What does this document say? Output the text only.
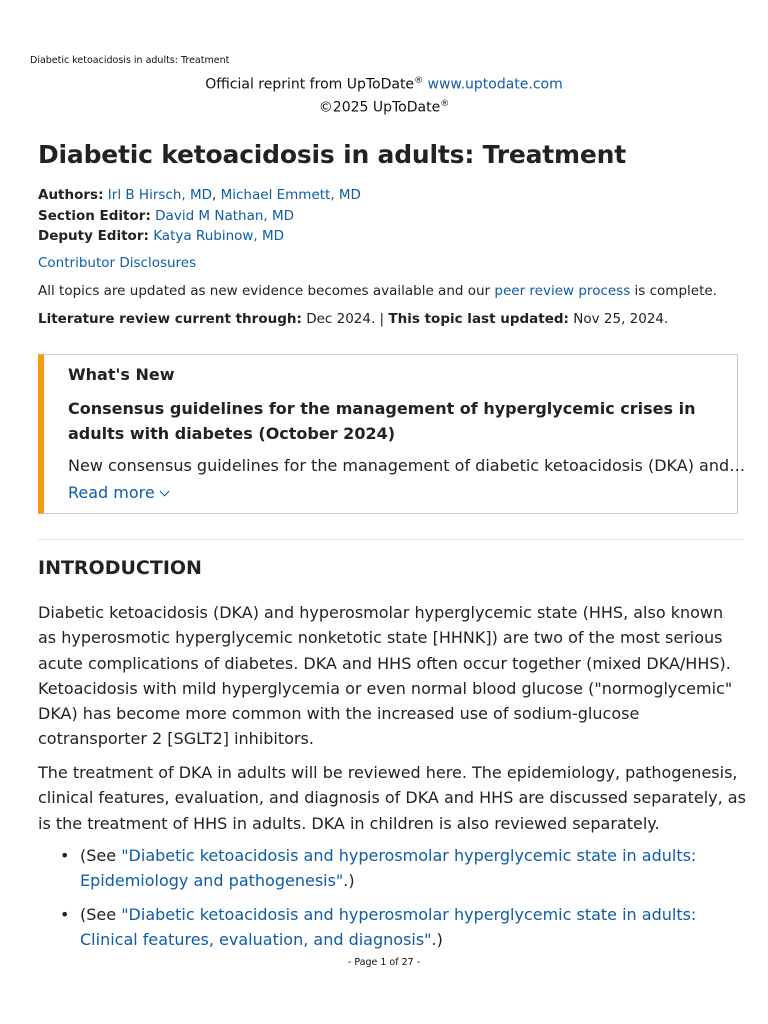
Diabetic ketoacidosis in adults: Treatment
Official reprint from UpToDate® www.uptodate.com
©2025 UpToDate®
Diabetic ketoacidosis in adults: Treatment
Authors: Irl B Hirsch, MD, Michael Emmett, MD
Section Editor: David M Nathan, MD
Deputy Editor: Katya Rubinow, MD
Contributor Disclosures
All topics are updated as new evidence becomes available and our peer review process is complete.
Literature review current through: Dec 2024. | This topic last updated: Nov 25, 2024.
What's New
Consensus guidelines for the management of hyperglycemic crises in adults with diabetes (October 2024)
New consensus guidelines for the management of diabetic ketoacidosis (DKA) and…
Read more
INTRODUCTION

Diabetic ketoacidosis (DKA) and hyperosmolar hyperglycemic state (HHS, also known as hyperosmotic hyperglycemic nonketotic state [HHNK]) are two of the most serious acute complications of diabetes. DKA and HHS often occur together (mixed DKA/HHS). Ketoacidosis with mild hyperglycemia or even normal blood glucose ("normoglycemic" DKA) has become more common with the increased use of sodium-glucose cotransporter 2 [SGLT2] inhibitors.

The treatment of DKA in adults will be reviewed here. The epidemiology, pathogenesis, clinical features, evaluation, and diagnosis of DKA and HHS are discussed separately, as is the treatment of HHS in adults. DKA in children is also reviewed separately.

• (See "Diabetic ketoacidosis and hyperosmolar hyperglycemic state in adults: Epidemiology and pathogenesis".)
• (See "Diabetic ketoacidosis and hyperosmolar hyperglycemic state in adults: Clinical features, evaluation, and diagnosis".)
- Page 1 of 27 -
